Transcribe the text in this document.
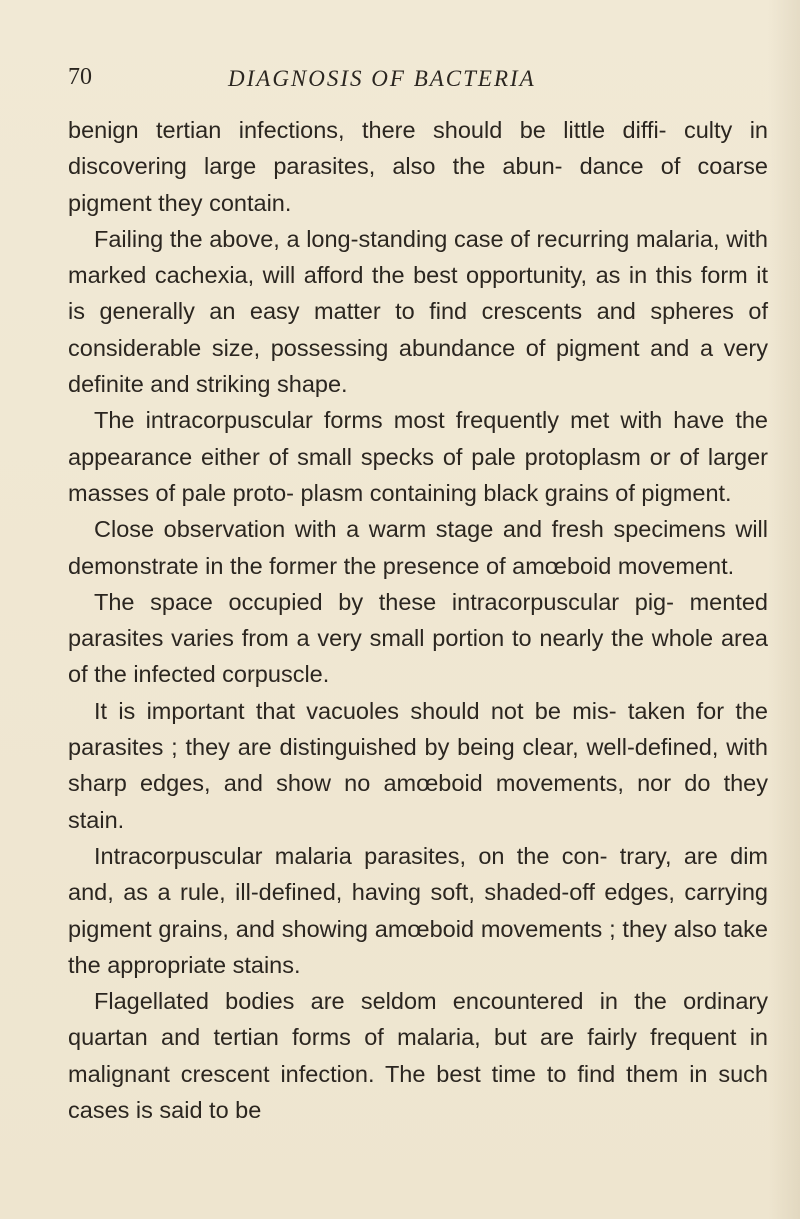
70	DIAGNOSIS OF BACTERIA

benign tertian infections, there should be little diffi- culty in discovering large parasites, also the abun- dance of coarse pigment they contain.

Failing the above, a long-standing case of recurring malaria, with marked cachexia, will afford the best opportunity, as in this form it is generally an easy matter to find crescents and spheres of considerable size, possessing abundance of pigment and a very definite and striking shape.

The intracorpuscular forms most frequently met with have the appearance either of small specks of pale protoplasm or of larger masses of pale proto- plasm containing black grains of pigment.

Close observation with a warm stage and fresh specimens will demonstrate in the former the presence of amœboid movement.

The space occupied by these intracorpuscular pig- mented parasites varies from a very small portion to nearly the whole area of the infected corpuscle.

It is important that vacuoles should not be mis- taken for the parasites ; they are distinguished by being clear, well-defined, with sharp edges, and show no amœboid movements, nor do they stain.

Intracorpuscular malaria parasites, on the con- trary, are dim and, as a rule, ill-defined, having soft, shaded-off edges, carrying pigment grains, and showing amœboid movements ; they also take the appropriate stains.

Flagellated bodies are seldom encountered in the ordinary quartan and tertian forms of malaria, but are fairly frequent in malignant crescent infection. The best time to find them in such cases is said to be
